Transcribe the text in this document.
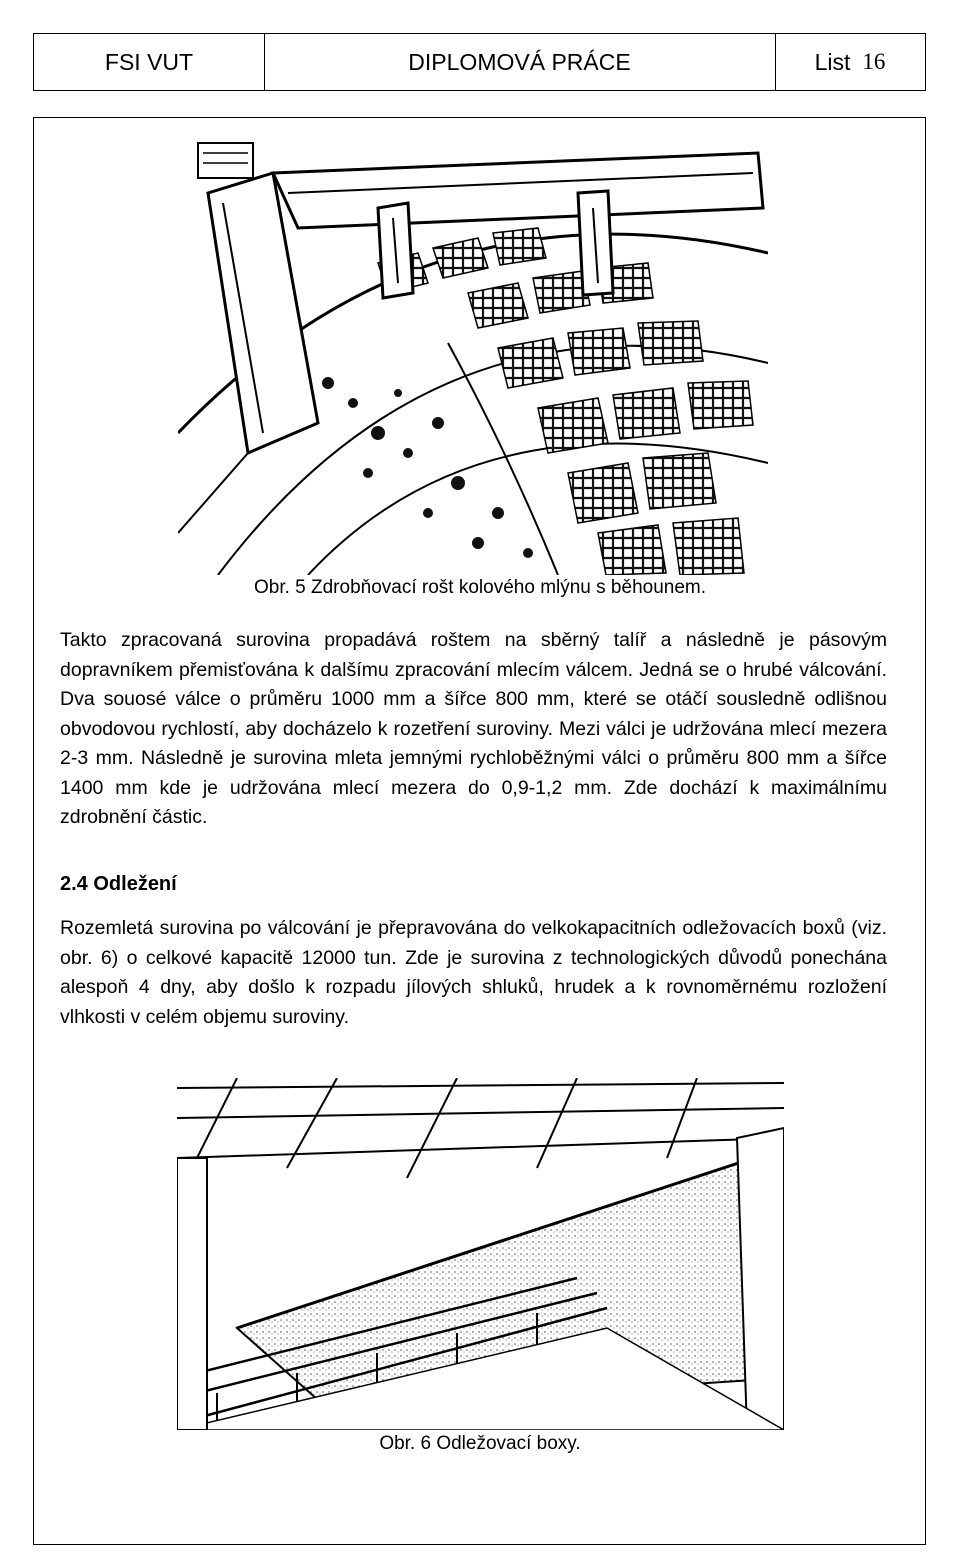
FSI VUT	DIPLOMOVÁ PRÁCE	List 16
Obr. 5 Zdrobňovací rošt kolového mlýnu s běhounem.

Takto zpracovaná surovina propadává roštem na sběrný talíř a následně je pásovým dopravníkem přemisťována k dalšímu zpracování mlecím válcem. Jedná se o hrubé válcování. Dva souosé válce o průměru 1000 mm a šířce 800 mm, které se otáčí sousledně odlišnou obvodovou rychlostí, aby docházelo k rozetření suroviny. Mezi válci je udržována mlecí mezera 2-3 mm. Následně je surovina mleta jemnými rychloběžnými válci o průměru 800 mm a šířce 1400 mm kde je udržována mlecí mezera do 0,9-1,2 mm. Zde dochází k maximálnímu zdrobnění částic.

2.4 Odležení

Rozemletá surovina po válcování je přepravována do velkokapacitních odležovacích boxů (viz. obr. 6) o celkové kapacitě 12000 tun. Zde je surovina z technologických důvodů ponechána alespoň 4 dny, aby došlo k rozpadu jílových shluků, hrudek a k rovnoměrnému rozložení vlhkosti v celém objemu suroviny.

Obr. 6 Odležovací boxy.
